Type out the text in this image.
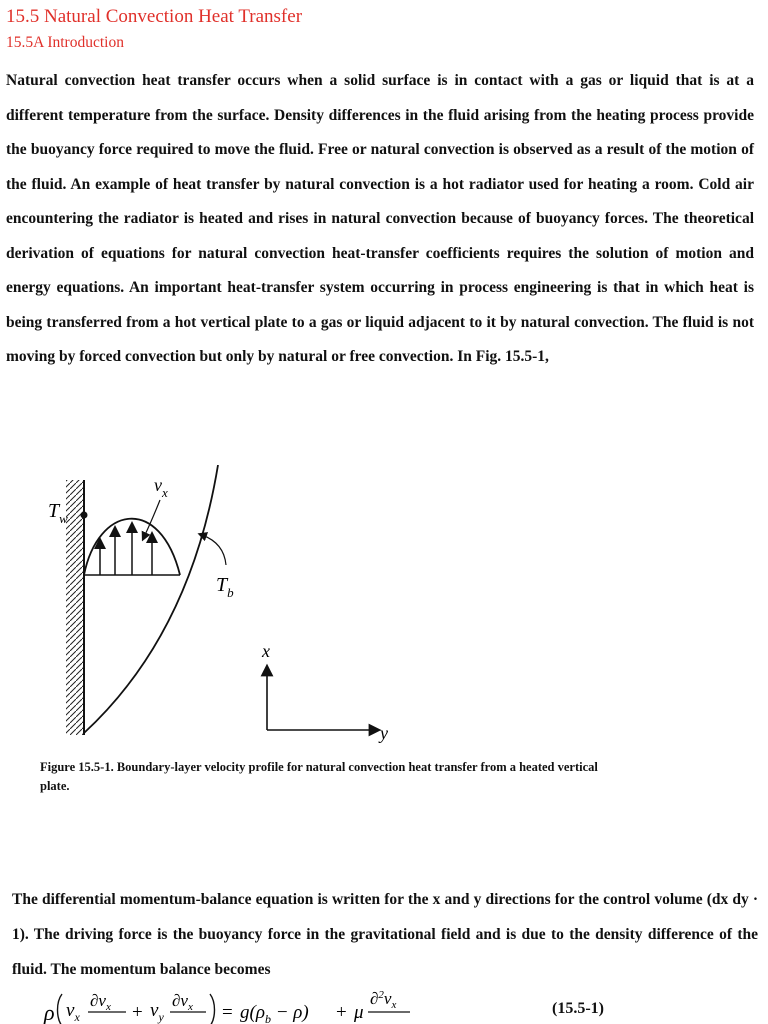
15.5 Natural Convection Heat Transfer
15.5A Introduction

Natural convection heat transfer occurs when a solid surface is in contact with a gas or liquid that is at a different temperature from the surface. Density differences in the fluid arising from the heating process provide the buoyancy force required to move the fluid. Free or natural convection is observed as a result of the motion of the fluid. An example of heat transfer by natural convection is a hot radiator used for heating a room. Cold air encountering the radiator is heated and rises in natural convection because of buoyancy forces. The theoretical derivation of equations for natural convection heat-transfer coefficients requires the solution of motion and energy equations. An important heat-transfer system occurring in process engineering is that in which heat is being transferred from a hot vertical plate to a gas or liquid adjacent to it by natural convection. The fluid is not moving by forced convection but only by natural or free convection. In Fig. 15.5-1,

$T_w$
$v_x$
$T_b$
x
y

Figure 15.5-1. Boundary-layer velocity profile for natural convection heat transfer from a heated vertical plate.

The differential momentum-balance equation is written for the x and y directions for the control volume (dx dy · 1). The driving force is the buoyancy force in the gravitational field and is due to the density difference of the fluid. The momentum balance becomes

ρ $v_x$
$\partial v_x + v_y$
$\partial v_x = g(\rho_b - \rho) + \mu$
$\partial^2v_x$	(15.5-1)
